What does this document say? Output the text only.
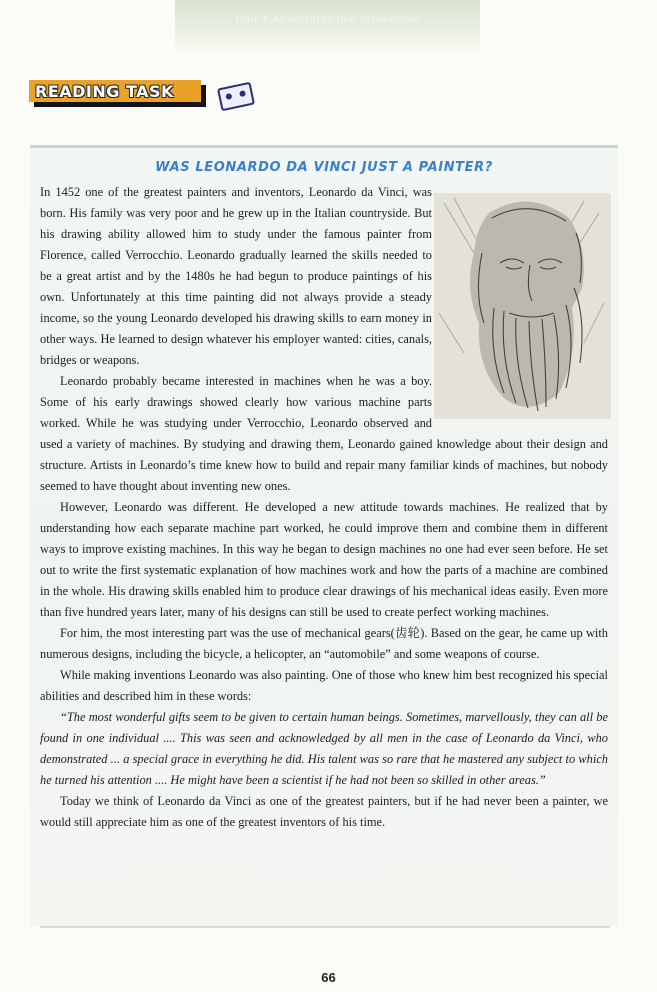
Unit 4 Adventures in a prosperous
READING TASK
WAS LEONARDO DA VINCI JUST A PAINTER?

In 1452 one of the greatest painters and inventors, Leonardo da Vinci, was born. His family was very poor and he grew up in the Italian countryside. But his drawing ability allowed him to study under the famous painter from Florence, called Verrocchio. Leonardo gradually learned the skills needed to be a great artist and by the 1480s he had begun to produce paintings of his own. Unfortunately at this time painting did not always provide a steady income, so the young Leonardo developed his drawing skills to earn money in other ways. He learned to design whatever his employer wanted: cities, canals, bridges or weapons.

Leonardo probably became interested in machines when he was a boy. Some of his early drawings showed clearly how various machine parts worked. While he was studying under Verrocchio, Leonardo observed and used a variety of machines. By studying and drawing them, Leonardo gained knowledge about their design and structure. Artists in Leonardo’s time knew how to build and repair many familiar kinds of machines, but nobody seemed to have thought about inventing new ones.

However, Leonardo was different. He developed a new attitude towards machines. He realized that by understanding how each separate machine part worked, he could improve them and combine them in different ways to improve existing machines. In this way he began to design machines no one had ever seen before. He set out to write the first systematic explanation of how machines work and how the parts of a machine are combined in the whole. His drawing skills enabled him to produce clear drawings of his mechanical ideas easily. Even more than five hundred years later, many of his designs can still be used to create perfect working machines.

For him, the most interesting part was the use of mechanical gears(齿轮). Based on the gear, he came up with numerous designs, including the bicycle, a helicopter, an “automobile” and some weapons of course.

While making inventions Leonardo was also painting. One of those who knew him best recognized his special abilities and described him in these words:

“The most wonderful gifts seem to be given to certain human beings. Sometimes, marvellously, they can all be found in one individual .... This was seen and acknowledged by all men in the case of Leonardo da Vinci, who demonstrated ... a special grace in everything he did. His talent was so rare that he mastered any subject to which he turned his attention .... He might have been a scientist if he had not been so skilled in other areas.”

Today we think of Leonardo da Vinci as one of the greatest painters, but if he had never been a painter, we would still appreciate him as one of the greatest inventors of his time.

66
